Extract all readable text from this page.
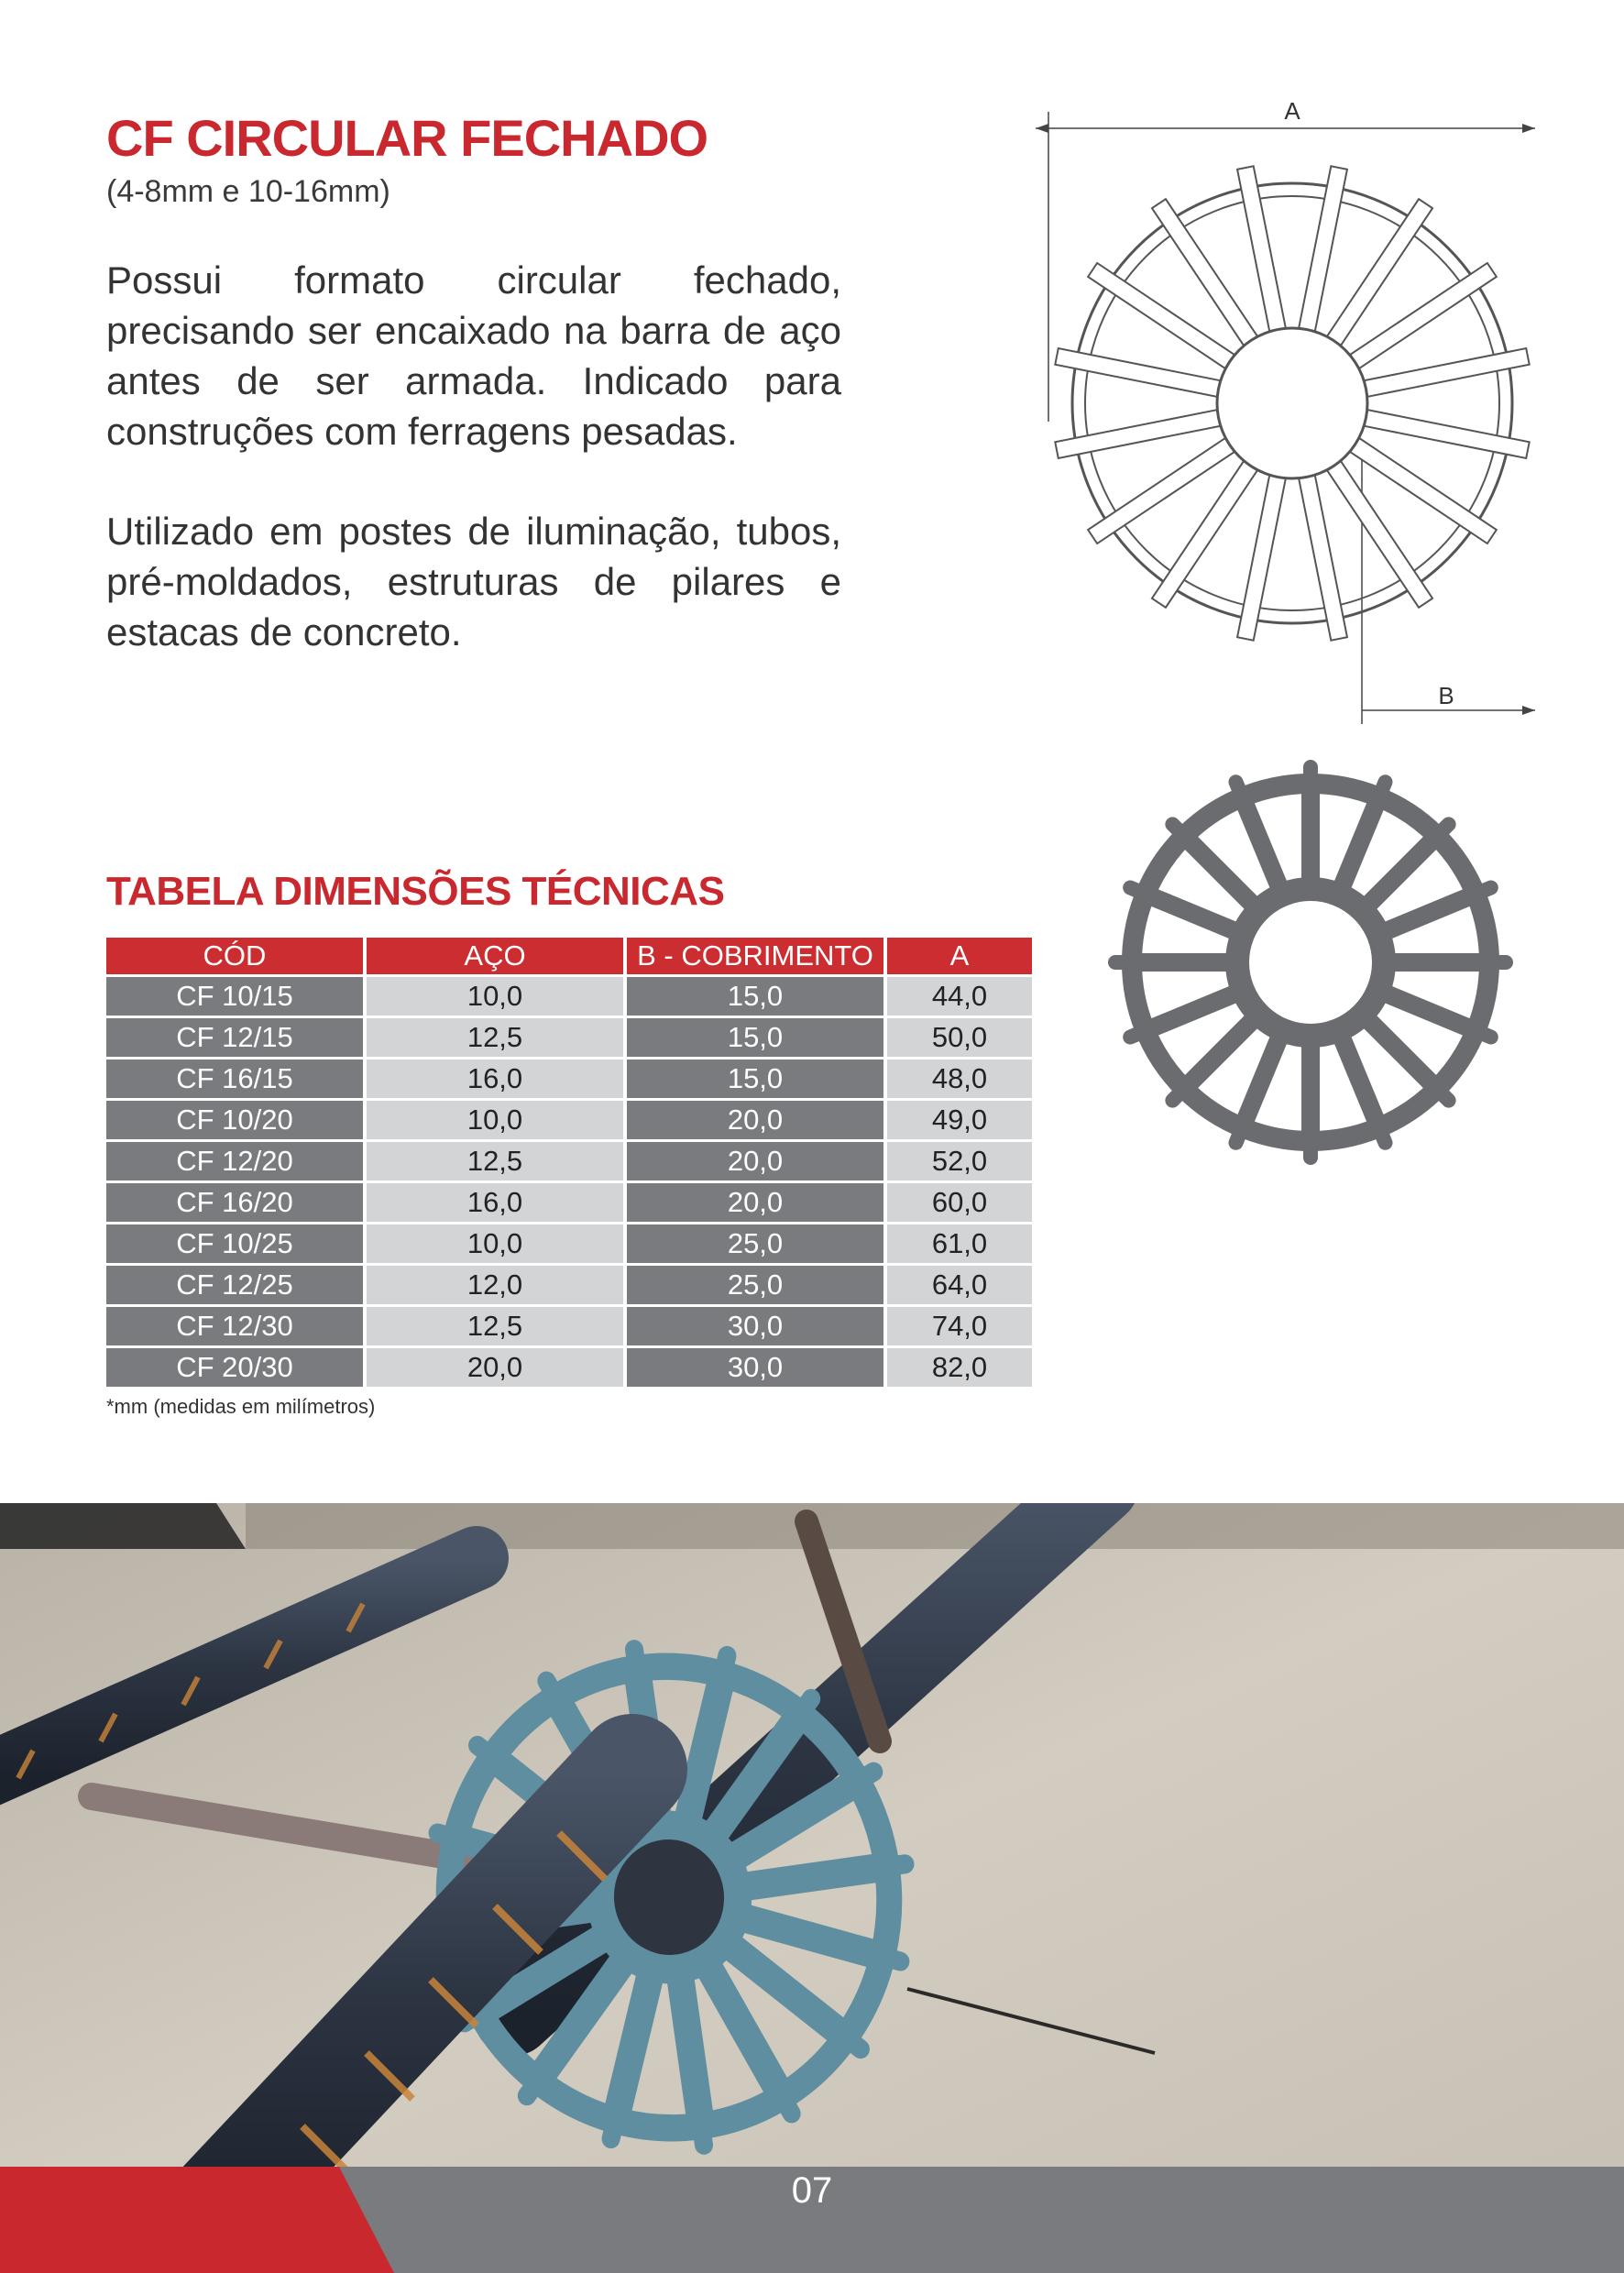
CF CIRCULAR FECHADO
(4-8mm e 10-16mm)

Possui formato circular fechado, precisando ser encaixado na barra de aço antes de ser armada. Indicado para construções com ferragens pesadas.

Utilizado em postes de iluminação, tubos, pré-moldados, estruturas de pilares e estacas de concreto.

A
B
TABELA DIMENSÕES TÉCNICAS
CÓD	AÇO	B - COBRIMENTO	A
CF 10/15	10,0	15,0	44,0
CF 12/15	12,5	15,0	50,0
CF 16/15	16,0	15,0	48,0
CF 10/20	10,0	20,0	49,0
CF 12/20	12,5	20,0	52,0
CF 16/20	16,0	20,0	60,0
CF 10/25	10,0	25,0	61,0
CF 12/25	12,0	25,0	64,0
CF 12/30	12,5	30,0	74,0
CF 20/30	20,0	30,0	82,0
*mm (medidas em milímetros)
07
